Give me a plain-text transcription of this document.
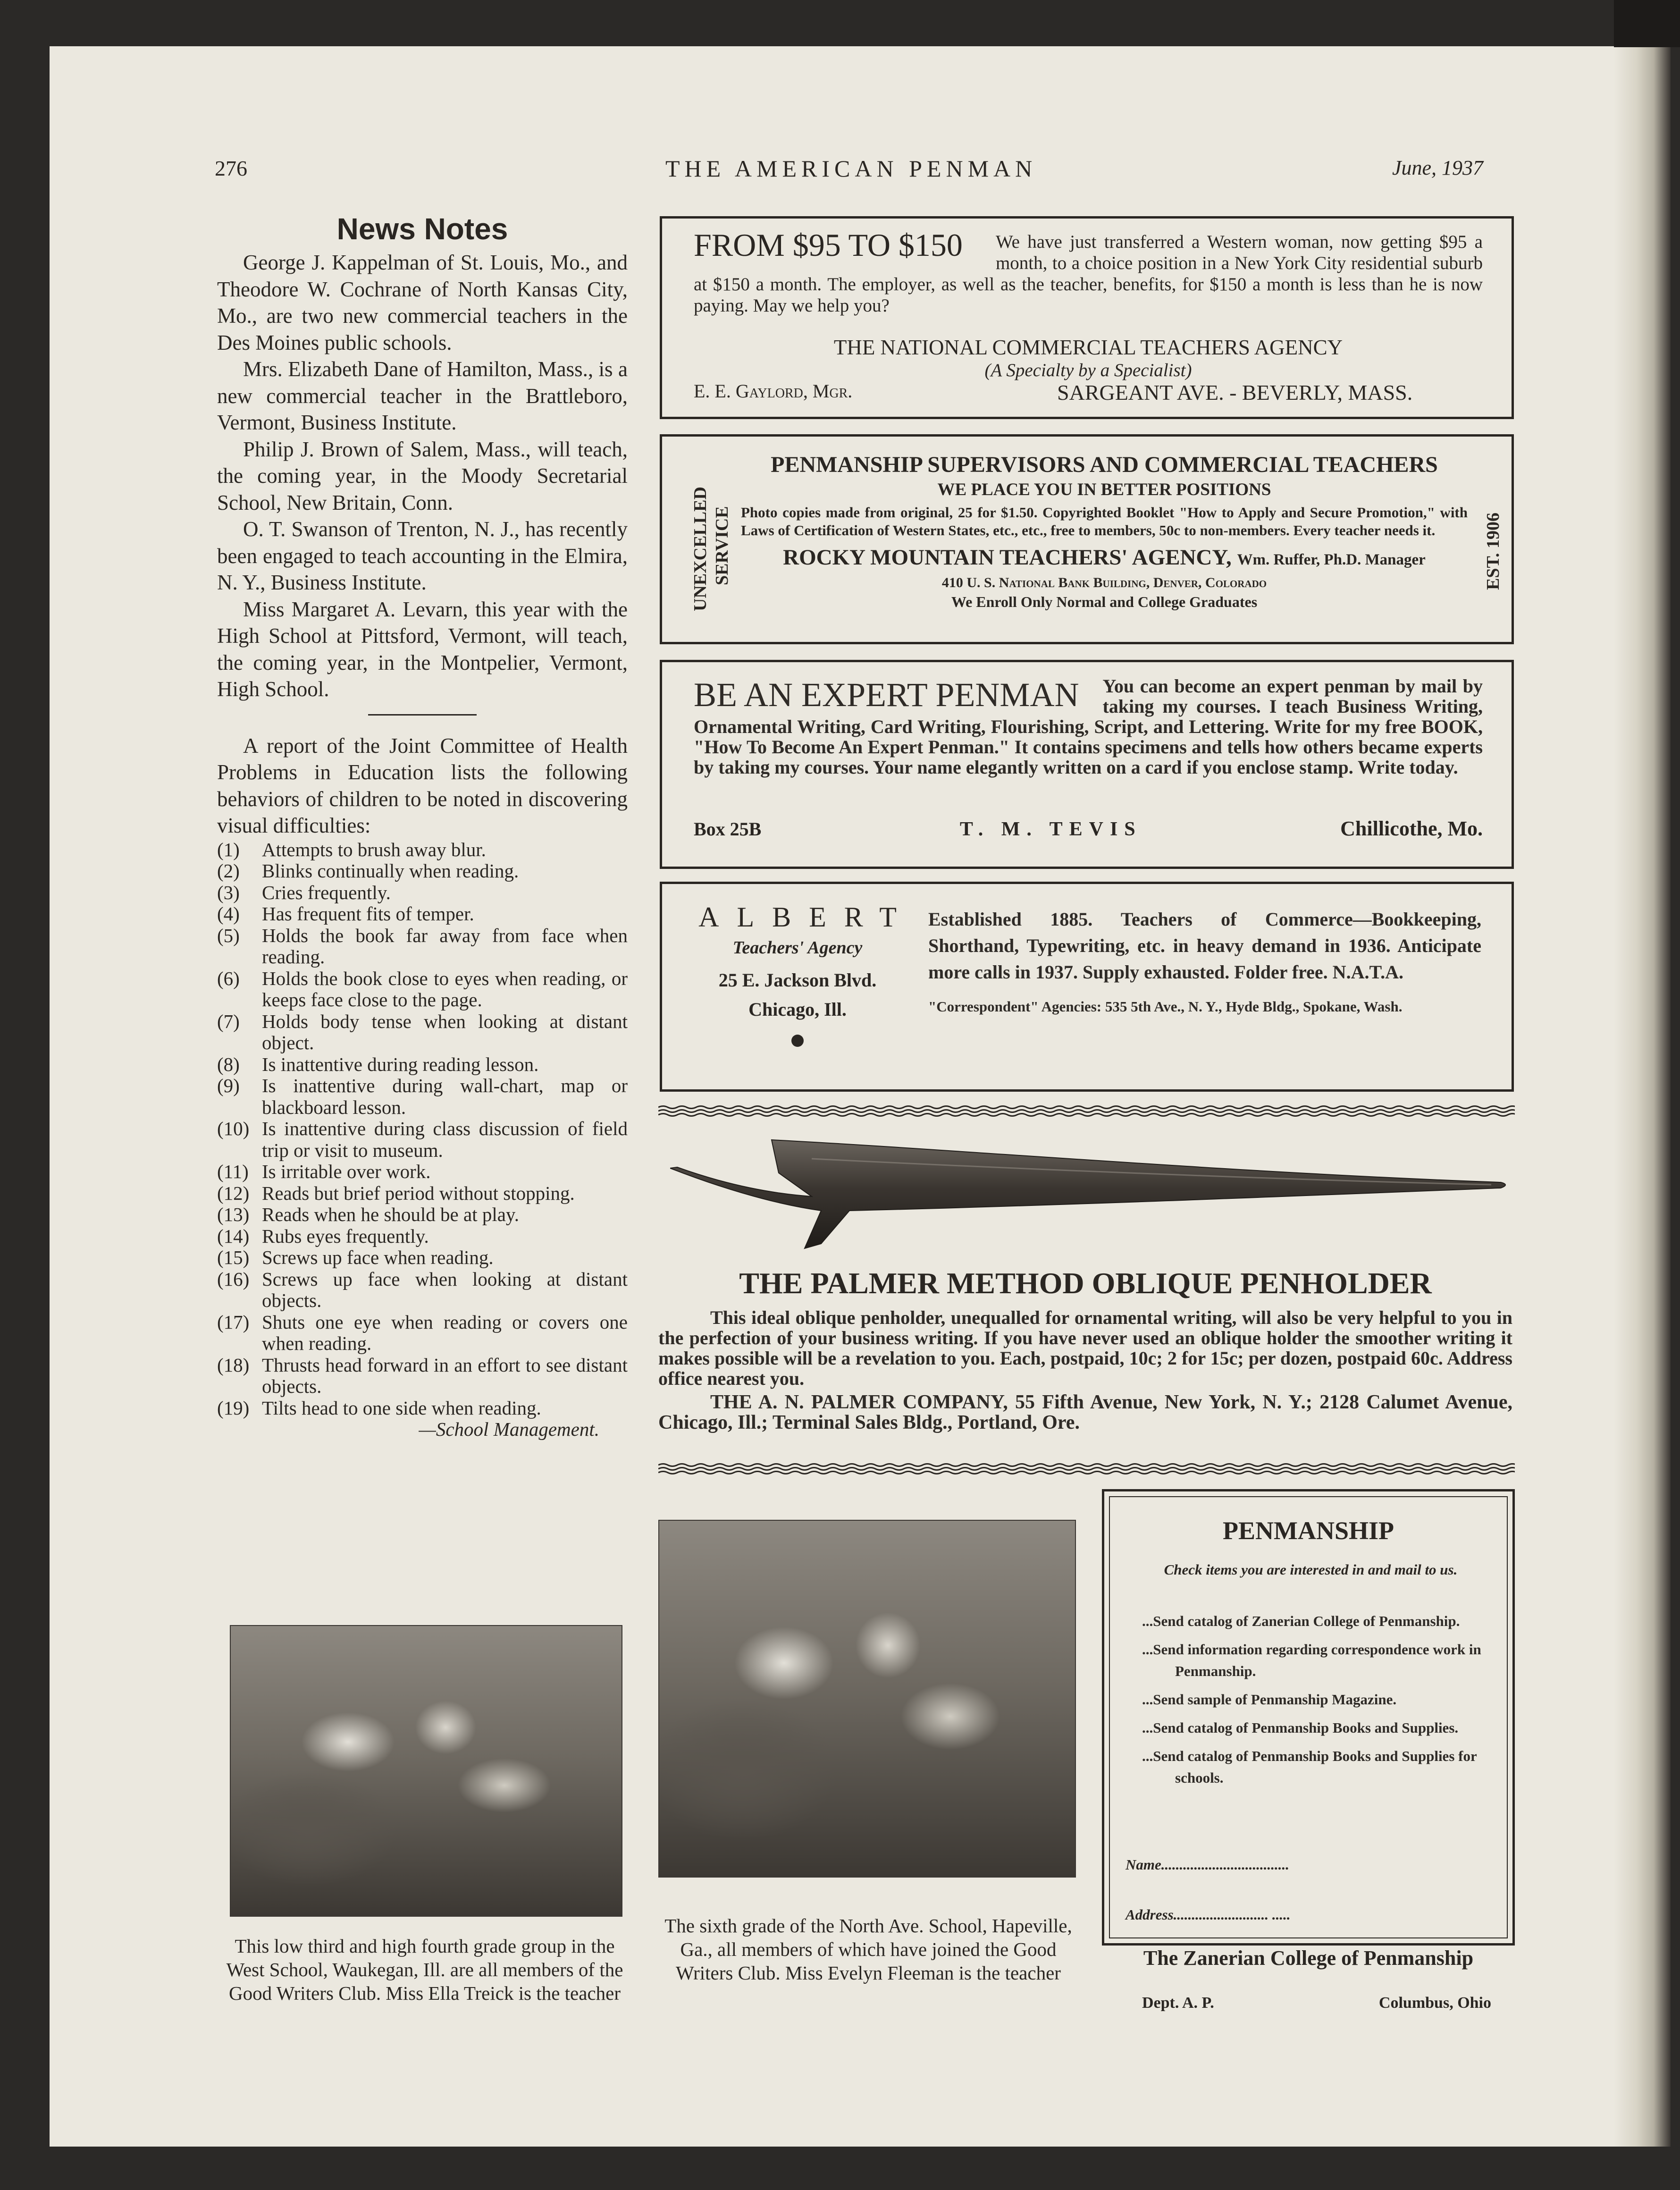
276	THE AMERICAN PENMAN	June, 1937
News Notes

George J. Kappelman of St. Louis, Mo., and Theodore W. Cochrane of North Kansas City, Mo., are two new commercial teachers in the Des Moines public schools.

Mrs. Elizabeth Dane of Hamilton, Mass., is a new commercial teacher in the Brattleboro, Vermont, Business Institute.

Philip J. Brown of Salem, Mass., will teach, the coming year, in the Moody Secretarial School, New Britain, Conn.

O. T. Swanson of Trenton, N. J., has recently been engaged to teach accounting in the Elmira, N. Y., Business Institute.

Miss Margaret A. Levarn, this year with the High School at Pittsford, Vermont, will teach, the coming year, in the Montpelier, Vermont, High School.

A report of the Joint Committee of Health Problems in Education lists the following behaviors of children to be noted in discovering visual difficulties:

(1)	Attempts to brush away blur.
(2)	Blinks continually when reading.
(3)	Cries frequently.
(4)	Has frequent fits of temper.
(5)	Holds the book far away from face when reading.
(6)	Holds the book close to eyes when reading, or keeps face close to the page.
(7)	Holds body tense when looking at distant object.
(8)	Is inattentive during reading lesson.
(9)	Is inattentive during wall-chart, map or blackboard lesson.
(10) Is inattentive during class discussion of field trip or visit to museum.
(11) Is irritable over work.
(12) Reads but brief period without stopping.
(13) Reads when he should be at play.
(14) Rubs eyes frequently.
(15) Screws up face when reading.
(16) Screws up face when looking at distant objects.
(17) Shuts one eye when reading or covers one when reading.
(18) Thrusts head forward in an effort to see distant objects.
(19) Tilts head to one side when reading.
—School Management.
This low third and high fourth grade group in the West School, Waukegan, Ill. are all members of the Good Writers Club. Miss Ella Treick is the teacher
The sixth grade of the North Ave. School, Hapeville, Ga., all members of which have joined the Good Writers Club. Miss Evelyn Fleeman is the teacher
FROM $95 TO $150 We have just transferred a Western woman, now getting $95 a month, to a choice position in a New York City residential suburb at $150 a month. The employer, as well as the teacher, benefits, for $150 a month is less than he is now paying. May we help you?
THE NATIONAL COMMERCIAL TEACHERS AGENCY
(A Specialty by a Specialist)
E. E. Gaylord, Mgr.	SARGEANT AVE. - BEVERLY, MASS.
UNEXCELLED SERVICE	EST. 1906
PENMANSHIP SUPERVISORS AND COMMERCIAL TEACHERS
WE PLACE YOU IN BETTER POSITIONS
Photo copies made from original, 25 for $1.50. Copyrighted Booklet "How to Apply and Secure Promotion," with Laws of Certification of Western States, etc., etc., free to members, 50c to non-members. Every teacher needs it.
ROCKY MOUNTAIN TEACHERS' AGENCY, Wm. Ruffer, Ph.D. Manager
410 U. S. National Bank Building, Denver, Colorado
We Enroll Only Normal and College Graduates
BE AN EXPERT PENMAN You can become an expert penman by mail by taking my courses. I teach Business Writing, Ornamental Writing, Card Writing, Flourishing, Script, and Lettering. Write for my free BOOK, "How To Become An Expert Penman." It contains specimens and tells how others became experts by taking my courses. Your name elegantly written on a card if you enclose stamp. Write today.
Box 25B	T. M. TEVIS	Chillicothe, Mo.
ALBERT
Teachers' Agency
25 E. Jackson Blvd.
Chicago, Ill.
Established 1885. Teachers of Commerce—Bookkeeping, Shorthand, Typewriting, etc. in heavy demand in 1936. Anticipate more calls in 1937. Supply exhausted. Folder free. N.A.T.A.
"Correspondent" Agencies: 535 5th Ave., N. Y., Hyde Bldg., Spokane, Wash.
THE PALMER METHOD OBLIQUE PENHOLDER

This ideal oblique penholder, unequalled for ornamental writing, will also be very helpful to you in the perfection of your business writing. If you have never used an oblique holder the smoother writing it makes possible will be a revelation to you. Each, postpaid, 10c; 2 for 15c; per dozen, postpaid 60c. Address office nearest you.

THE A. N. PALMER COMPANY, 55 Fifth Avenue, New York, N. Y.; 2128 Calumet Avenue, Chicago, Ill.; Terminal Sales Bldg., Portland, Ore.

PENMANSHIP
Check items you are interested in and mail to us.
...Send catalog of Zanerian College of Penmanship.
...Send information regarding correspondence work in Penmanship.
...Send sample of Penmanship Magazine.
...Send catalog of Penmanship Books and Supplies.
...Send catalog of Penmanship Books and Supplies for schools.
Name...................................
Address.......................... .....
The Zanerian College of Penmanship
Dept. A. P.	Columbus, Ohio
